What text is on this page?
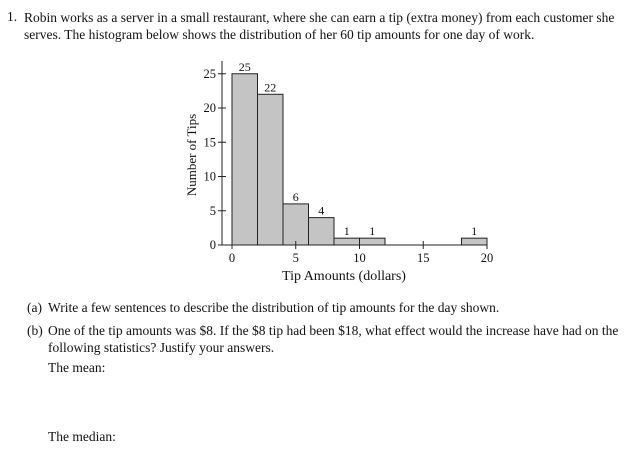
1. Robin works as a server in a small restaurant, where she can earn a tip (extra money) from each customer she serves. The histogram below shows the distribution of her 60 tip amounts for one day of work.
25
22
6
4
1 1	1
0	5	10	15	20
0
5
10
15
20
25
Tip Amounts (dollars)
Number of Tips
(a) Write a few sentences to describe the distribution of tip amounts for the day shown.
(b) One of the tip amounts was $8. If the $8 tip had been $18, what effect would the increase have had on the following statistics? Justify your answers.
The mean:
The median:
